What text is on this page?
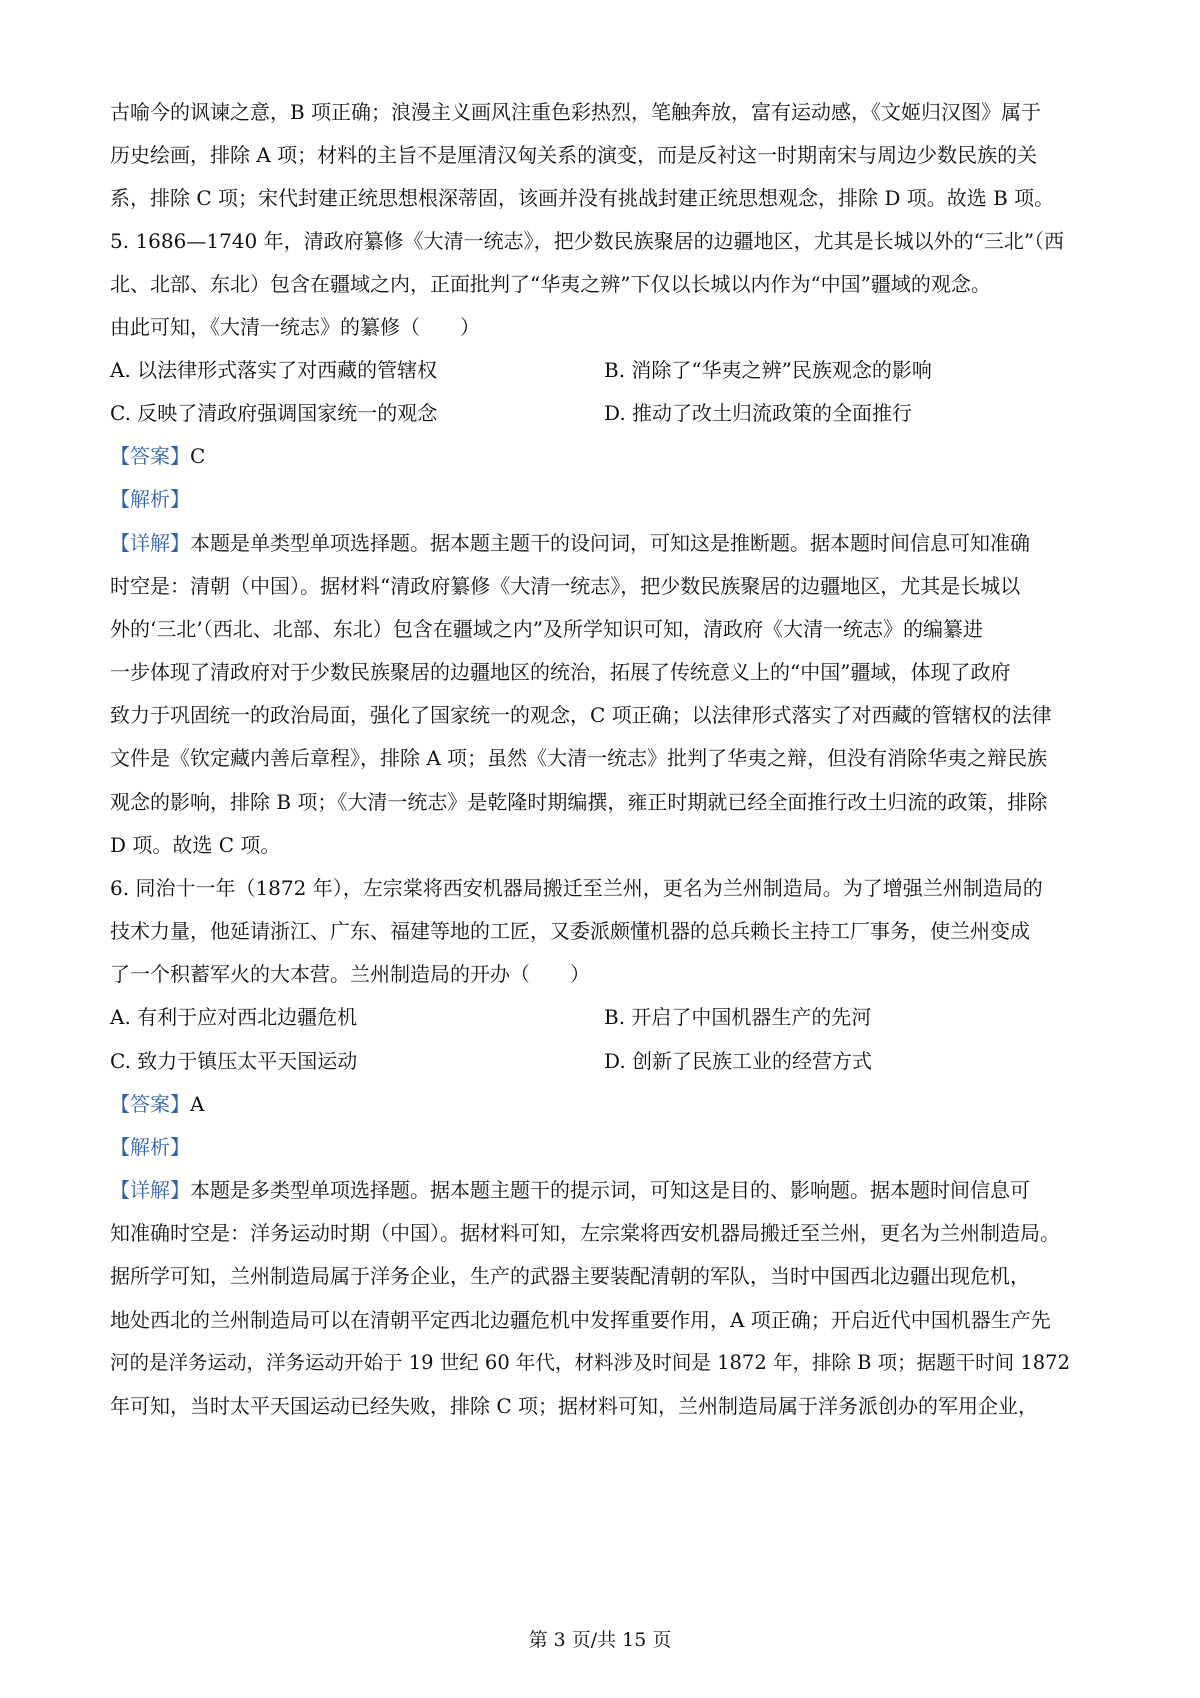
古喻今的讽谏之意，B 项正确；浪漫主义画风注重色彩热烈，笔触奔放，富有运动感，《文姬归汉图》属于
历史绘画，排除 A 项；材料的主旨不是厘清汉匈关系的演变，而是反衬这一时期南宋与周边少数民族的关
系，排除 C 项；宋代封建正统思想根深蒂固，该画并没有挑战封建正统思想观念，排除 D 项。故选 B 项。
5. 1686—1740 年，清政府纂修《大清一统志》，把少数民族聚居的边疆地区，尤其是长城以外的“三北”（西
北、北部、东北）包含在疆域之内，正面批判了“华夷之辨”下仅以长城以内作为“中国”疆域的观念。
由此可知，《大清一统志》的纂修（　　）
A. 以法律形式落实了对西藏的管辖权	B. 消除了“华夷之辨”民族观念的影响
C. 反映了清政府强调国家统一的观念	D. 推动了改土归流政策的全面推行
【答案】C
【解析】
【详解】本题是单类型单项选择题。据本题主题干的设问词，可知这是推断题。据本题时间信息可知准确
时空是：清朝（中国）。据材料“清政府纂修《大清一统志》，把少数民族聚居的边疆地区，尤其是长城以
外的‘三北’（西北、北部、东北）包含在疆域之内”及所学知识可知，清政府《大清一统志》的编纂进
一步体现了清政府对于少数民族聚居的边疆地区的统治，拓展了传统意义上的“中国”疆域，体现了政府
致力于巩固统一的政治局面，强化了国家统一的观念，C 项正确；以法律形式落实了对西藏的管辖权的法律
文件是《钦定藏内善后章程》，排除 A 项；虽然《大清一统志》批判了华夷之辩，但没有消除华夷之辩民族
观念的影响，排除 B 项；《大清一统志》是乾隆时期编撰，雍正时期就已经全面推行改土归流的政策，排除
D 项。故选 C 项。
6. 同治十一年（1872 年），左宗棠将西安机器局搬迁至兰州，更名为兰州制造局。为了增强兰州制造局的
技术力量，他延请浙江、广东、福建等地的工匠，又委派颇懂机器的总兵赖长主持工厂事务，使兰州变成
了一个积蓄军火的大本营。兰州制造局的开办（　　）
A. 有利于应对西北边疆危机	B. 开启了中国机器生产的先河
C. 致力于镇压太平天国运动	D. 创新了民族工业的经营方式
【答案】A
【解析】
【详解】本题是多类型单项选择题。据本题主题干的提示词，可知这是目的、影响题。据本题时间信息可
知准确时空是：洋务运动时期（中国）。据材料可知，左宗棠将西安机器局搬迁至兰州，更名为兰州制造局。
据所学可知，兰州制造局属于洋务企业，生产的武器主要装配清朝的军队，当时中国西北边疆出现危机，
地处西北的兰州制造局可以在清朝平定西北边疆危机中发挥重要作用，A 项正确；开启近代中国机器生产先
河的是洋务运动，洋务运动开始于 19 世纪 60 年代，材料涉及时间是 1872 年，排除 B 项；据题干时间 1872
年可知，当时太平天国运动已经失败，排除 C 项；据材料可知，兰州制造局属于洋务派创办的军用企业，
第 3 页/共 15 页
